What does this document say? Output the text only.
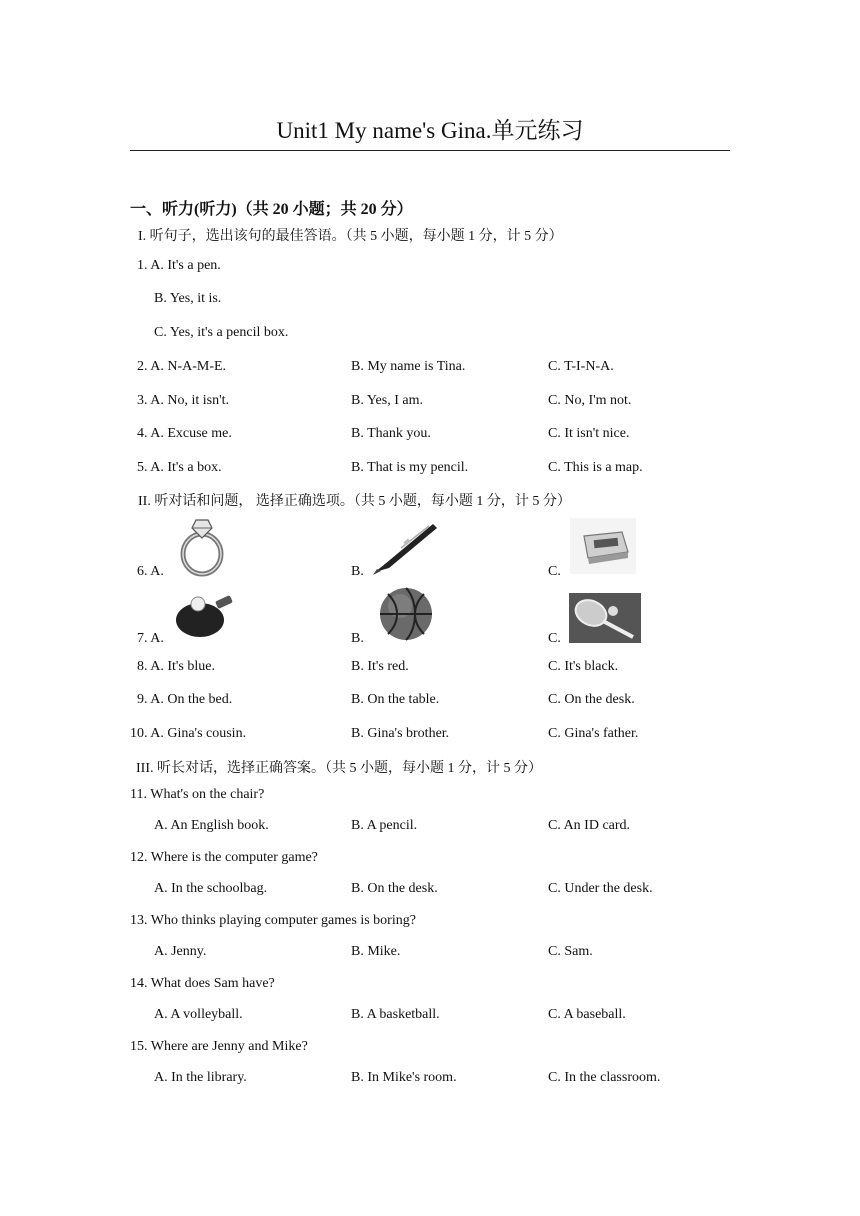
Unit1 My name's Gina.单元练习
一、听力(听力)（共 20 小题；共 20 分）
I. 听句子，选出该句的最佳答语。（共 5 小题，每小题 1 分，计 5 分）
1. A. It's a pen.
B. Yes, it is.
C. Yes, it's a pencil box.
2. A. N-A-M-E.	B. My name is Tina.	C. T-I-N-A.
3. A. No, it isn't.	B. Yes, I am.	C. No, I'm not.
4. A. Excuse me.	B. Thank you.	C. It isn't nice.
5. A. It's a box.	B. That is my pencil.	C. This is a map.
II. 听对话和问题， 选择正确选项。（共 5 小题，每小题 1 分，计 5 分）
6. A.	B.	C.
7. A.	B.	C.
8. A. It's blue.	B. It's red.	C. It's black.
9. A. On the bed.	B. On the table.	C. On the desk.
10. A. Gina's cousin.	B. Gina's brother.	C. Gina's father.
III. 听长对话，选择正确答案。（共 5 小题，每小题 1 分，计 5 分）
11. What's on the chair?
A. An English book.	B. A pencil.	C. An ID card.
12. Where is the computer game?
A. In the schoolbag.	B. On the desk.	C. Under the desk.
13. Who thinks playing computer games is boring?
A. Jenny.	B. Mike.	C. Sam.
14. What does Sam have?
A. A volleyball.	B. A basketball.	C. A baseball.
15. Where are Jenny and Mike?
A. In the library.	B. In Mike's room.	C. In the classroom.
